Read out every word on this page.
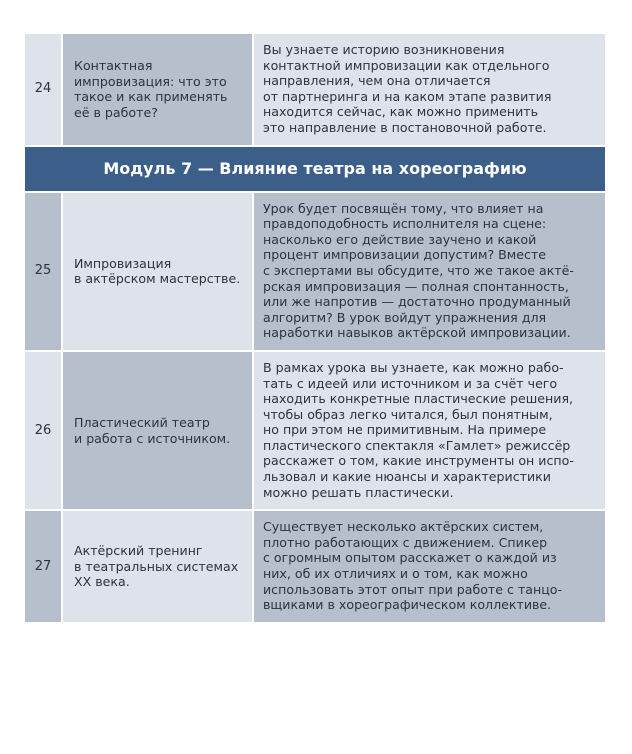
24
Контактная
импровизация: что это
такое и как применять
её в работе?
Вы узнаете историю возникновения
контактной импровизации как отдельного
направления, чем она отличается
от партнеринга и на каком этапе развития
находится сейчас, как можно применить
это направление в постановочной работе.
Модуль 7 — Влияние театра на хореографию
25
Импровизация
в актёрском мастерстве.
Урок будет посвящён тому, что влияет на
правдоподобность исполнителя на сцене:
насколько его действие заучено и какой
процент импровизации допустим? Вместе
с экспертами вы обсудите, что же такое актё-
рская импровизация — полная спонтанность,
или же напротив — достаточно продуманный
алгоритм? В урок войдут упражнения для
наработки навыков актёрской импровизации.
26
Пластический театр
и работа с источником.
В рамках урока вы узнаете, как можно рабо-
тать с идеей или источником и за счёт чего
находить конкретные пластические решения,
чтобы образ легко читался, был понятным,
но при этом не примитивным. На примере
пластического спектакля «Гамлет» режиссёр
расскажет о том, какие инструменты он испо-
льзовал и какие нюансы и характеристики
можно решать пластически.
27
Актёрский тренинг
в театральных системах
XX века.
Существует несколько актёрских систем,
плотно работающих с движением. Спикер
с огромным опытом расскажет о каждой из
них, об их отличиях и о том, как можно
использовать этот опыт при работе с танцо-
вщиками в хореографическом коллективе.
